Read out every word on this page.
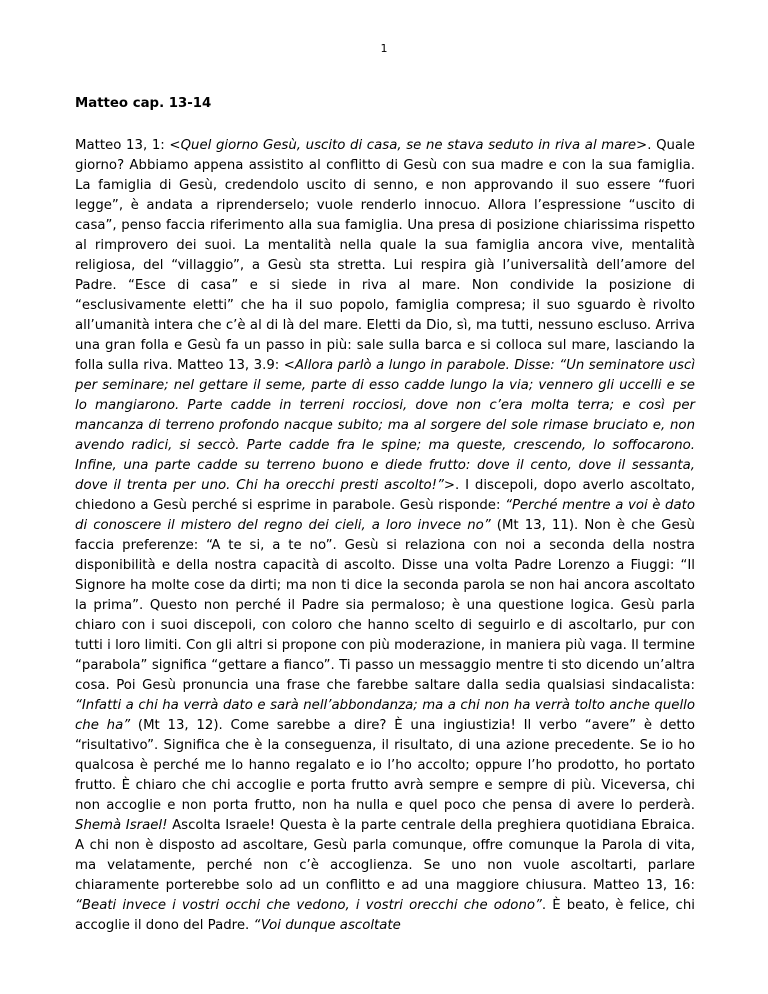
1
Matteo cap. 13-14

Matteo 13, 1: <Quel giorno Gesù, uscito di casa, se ne stava seduto in riva al mare>. Quale giorno? Abbiamo appena assistito al conflitto di Gesù con sua madre e con la sua famiglia. La famiglia di Gesù, credendolo uscito di senno, e non approvando il suo essere “fuori legge”, è andata a riprenderselo; vuole renderlo innocuo. Allora l’espressione “uscito di casa”, penso faccia riferimento alla sua famiglia. Una presa di posizione chiarissima rispetto al rimprovero dei suoi. La mentalità nella quale la sua famiglia ancora vive, mentalità religiosa, del “villaggio”, a Gesù sta stretta. Lui respira già l’universalità dell’amore del Padre. “Esce di casa” e si siede in riva al mare. Non condivide la posizione di “esclusivamente eletti” che ha il suo popolo, famiglia compresa; il suo sguardo è rivolto all’umanità intera che c’è al di là del mare. Eletti da Dio, sì, ma tutti, nessuno escluso. Arriva una gran folla e Gesù fa un passo in più: sale sulla barca e si colloca sul mare, lasciando la folla sulla riva. Matteo 13, 3.9: <Allora parlò a lungo in parabole. Disse: “Un seminatore uscì per seminare; nel gettare il seme, parte di esso cadde lungo la via; vennero gli uccelli e se lo mangiarono. Parte cadde in terreni rocciosi, dove non c’era molta terra; e così per mancanza di terreno profondo nacque subito; ma al sorgere del sole rimase bruciato e, non avendo radici, si seccò. Parte cadde fra le spine; ma queste, crescendo, lo soffocarono. Infine, una parte cadde su terreno buono e diede frutto: dove il cento, dove il sessanta, dove il trenta per uno. Chi ha orecchi presti ascolto!”>. I discepoli, dopo averlo ascoltato, chiedono a Gesù perché si esprime in parabole. Gesù risponde: “Perché mentre a voi è dato di conoscere il mistero del regno dei cieli, a loro invece no” (Mt 13, 11). Non è che Gesù faccia preferenze: “A te si, a te no”. Gesù si relaziona con noi a seconda della nostra disponibilità e della nostra capacità di ascolto. Disse una volta Padre Lorenzo a Fiuggi: “Il Signore ha molte cose da dirti; ma non ti dice la seconda parola se non hai ancora ascoltato la prima”. Questo non perché il Padre sia permaloso; è una questione logica. Gesù parla chiaro con i suoi discepoli, con coloro che hanno scelto di seguirlo e di ascoltarlo, pur con tutti i loro limiti. Con gli altri si propone con più moderazione, in maniera più vaga. Il termine “parabola” significa “gettare a fianco”. Ti passo un messaggio mentre ti sto dicendo un’altra cosa. Poi Gesù pronuncia una frase che farebbe saltare dalla sedia qualsiasi sindacalista: “Infatti a chi ha verrà dato e sarà nell’abbondanza; ma a chi non ha verrà tolto anche quello che ha” (Mt 13, 12). Come sarebbe a dire? È una ingiustizia! Il verbo “avere” è detto “risultativo”. Significa che è la conseguenza, il risultato, di una azione precedente. Se io ho qualcosa è perché me lo hanno regalato e io l’ho accolto; oppure l’ho prodotto, ho portato frutto. È chiaro che chi accoglie e porta frutto avrà sempre e sempre di più. Viceversa, chi non accoglie e non porta frutto, non ha nulla e quel poco che pensa di avere lo perderà. Shemà Israel! Ascolta Israele! Questa è la parte centrale della preghiera quotidiana Ebraica. A chi non è disposto ad ascoltare, Gesù parla comunque, offre comunque la Parola di vita, ma velatamente, perché non c’è accoglienza. Se uno non vuole ascoltarti, parlare chiaramente porterebbe solo ad un conflitto e ad una maggiore chiusura. Matteo 13, 16: “Beati invece i vostri occhi che vedono, i vostri orecchi che odono”. È beato, è felice, chi accoglie il dono del Padre. “Voi dunque ascoltate
